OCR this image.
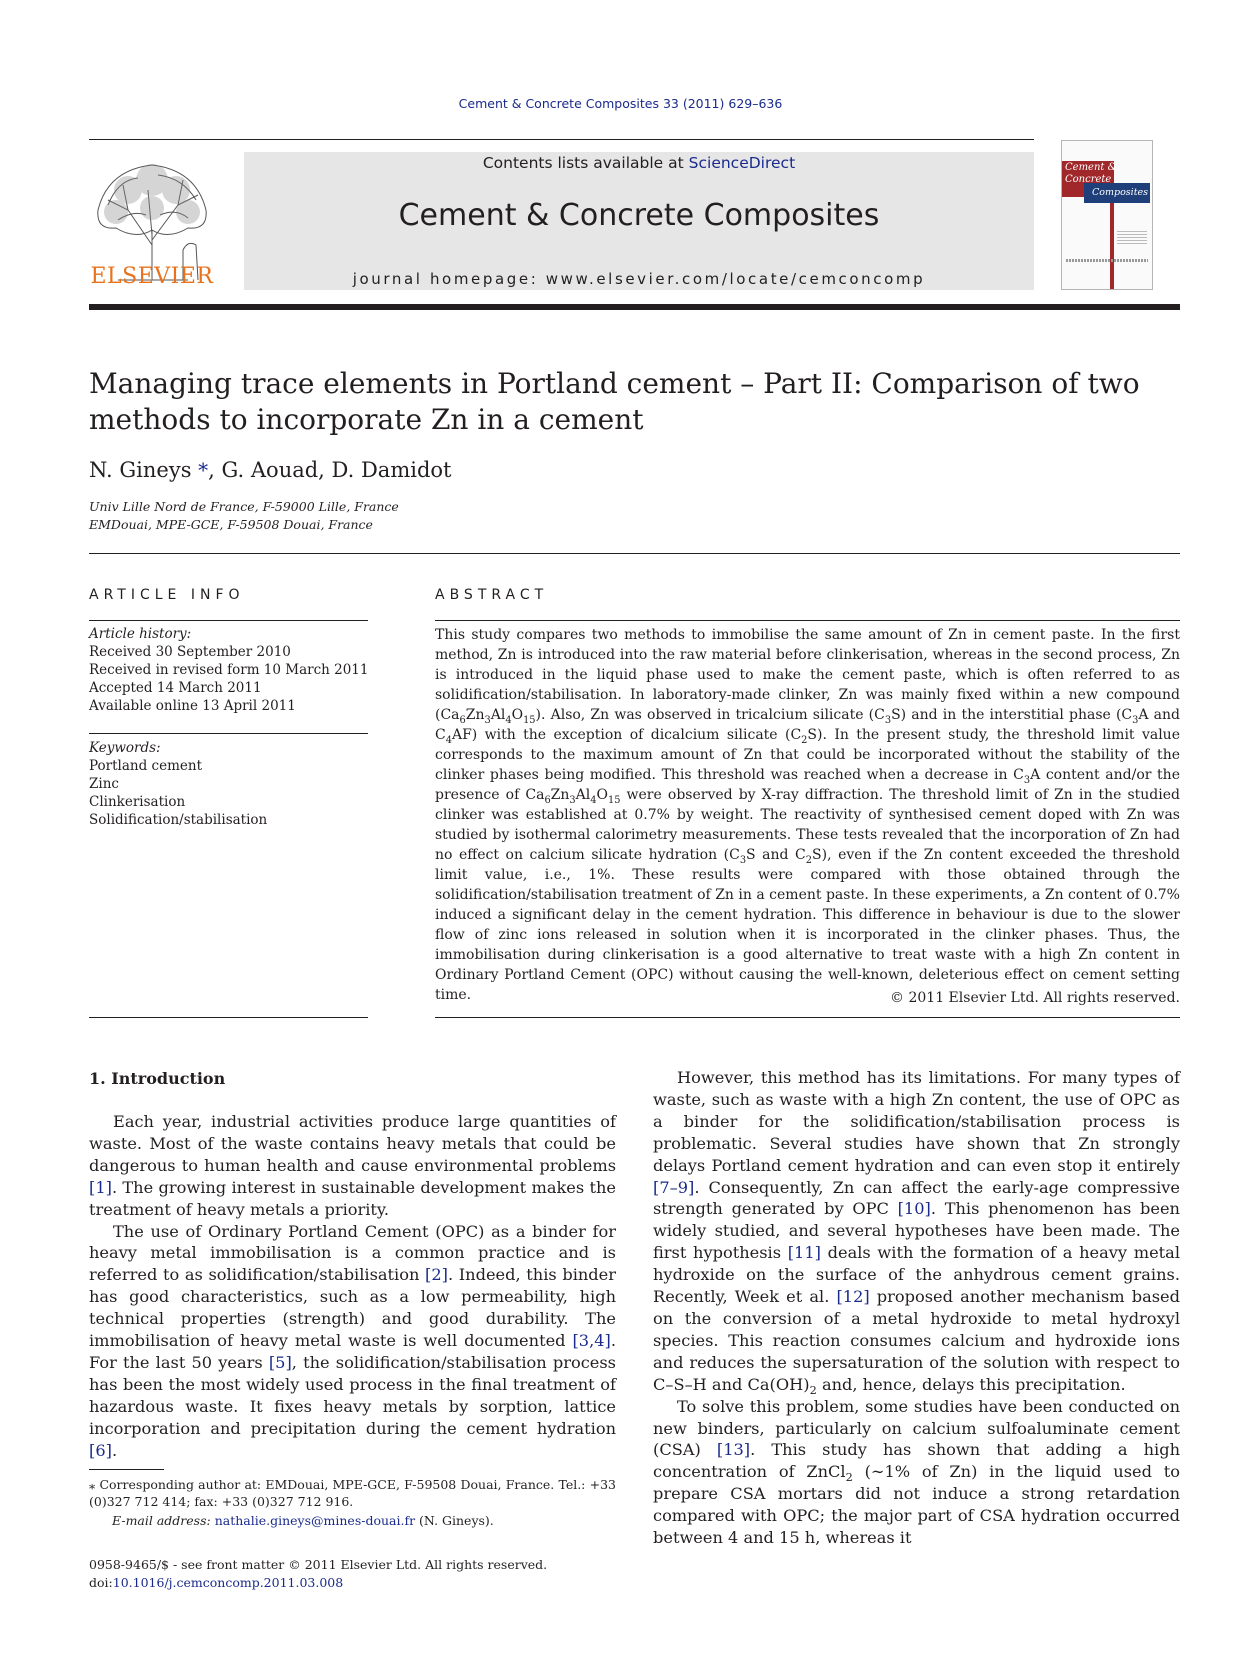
Cement & Concrete Composites 33 (2011) 629–636
ELSEVIER
Contents lists available at ScienceDirect
Cement & Concrete Composites
journal homepage: www.elsevier.com/locate/cemconcomp
Cement &
Concrete
Composites
Managing trace elements in Portland cement – Part II: Comparison of two methods to incorporate Zn in a cement
N. Gineys *, G. Aouad, D. Damidot
Univ Lille Nord de France, F-59000 Lille, France
EMDouai, MPE-GCE, F-59508 Douai, France
ARTICLE INFO
Article history:
Received 30 September 2010
Received in revised form 10 March 2011
Accepted 14 March 2011
Available online 13 April 2011
Keywords:
Portland cement
Zinc
Clinkerisation
Solidification/stabilisation
ABSTRACT
This study compares two methods to immobilise the same amount of Zn in cement paste. In the first method, Zn is introduced into the raw material before clinkerisation, whereas in the second process, Zn is introduced in the liquid phase used to make the cement paste, which is often referred to as solidification/stabilisation. In laboratory-made clinker, Zn was mainly fixed within a new compound $(Ca_6Zn_3Al_4O_{15})$. Also, Zn was observed in tricalcium silicate $(C_3S)$ and in the interstitial phase ($C_3A$ and $C_4AF$) with the exception of dicalcium silicate $(C_2S)$. In the present study, the threshold limit value corresponds to the maximum amount of Zn that could be incorporated without the stability of the clinker phases being modified. This threshold was reached when a decrease in $C_3A$ content and/or the presence of $Ca_6Zn_3Al_4O_{15}$ were observed by X-ray diffraction. The threshold limit of Zn in the studied clinker was established at 0.7% by weight. The reactivity of synthesised cement doped with Zn was studied by isothermal calorimetry measurements. These tests revealed that the incorporation of Zn had no effect on calcium silicate hydration ($C_3S$ and $C_2S$), even if the Zn content exceeded the threshold limit value, i.e., 1%. These results were compared with those obtained through the solidification/stabilisation treatment of Zn in a cement paste. In these experiments, a Zn content of 0.7% induced a significant delay in the cement hydration. This difference in behaviour is due to the slower flow of zinc ions released in solution when it is incorporated in the clinker phases. Thus, the immobilisation during clinkerisation is a good alternative to treat waste with a high Zn content in Ordinary Portland Cement (OPC) without causing the well-known, deleterious effect on cement setting time.	© 2011 Elsevier Ltd. All rights reserved.
1. Introduction

Each year, industrial activities produce large quantities of waste. Most of the waste contains heavy metals that could be dangerous to human health and cause environmental problems [1]. The growing interest in sustainable development makes the treatment of heavy metals a priority.

The use of Ordinary Portland Cement (OPC) as a binder for heavy metal immobilisation is a common practice and is referred to as solidification/stabilisation [2]. Indeed, this binder has good characteristics, such as a low permeability, high technical properties (strength) and good durability. The immobilisation of heavy metal waste is well documented [3,4]. For the last 50 years [5], the solidification/stabilisation process has been the most widely used process in the final treatment of hazardous waste. It fixes heavy metals by sorption, lattice incorporation and precipitation during the cement hydration [6].

However, this method has its limitations. For many types of waste, such as waste with a high Zn content, the use of OPC as a binder for the solidification/stabilisation process is problematic. Several studies have shown that Zn strongly delays Portland cement hydration and can even stop it entirely [7–9]. Consequently, Zn can affect the early-age compressive strength generated by OPC [10]. This phenomenon has been widely studied, and several hypotheses have been made. The first hypothesis [11] deals with the formation of a heavy metal hydroxide on the surface of the anhydrous cement grains. Recently, Week et al. [12] proposed another mechanism based on the conversion of a metal hydroxide to metal hydroxyl species. This reaction consumes calcium and hydroxide ions and reduces the supersaturation of the solution with respect to C–S–H and $Ca(OH)_2$ and, hence, delays this precipitation.

To solve this problem, some studies have been conducted on new binders, particularly on calcium sulfoaluminate cement (CSA) [13]. This study has shown that adding a high concentration of ZnCl$_2$ (∼1% of Zn) in the liquid used to prepare CSA mortars did not induce a strong retardation compared with OPC; the major part of CSA hydration occurred between 4 and 15 h, whereas it

⁎ Corresponding author at: EMDouai, MPE-GCE, F-59508 Douai, France. Tel.: +33 (0)327 712 414; fax: +33 (0)327 712 916.
E-mail address: nathalie.gineys@mines-douai.fr (N. Gineys).
0958-9465/$ - see front matter © 2011 Elsevier Ltd. All rights reserved.
doi:10.1016/j.cemconcomp.2011.03.008
